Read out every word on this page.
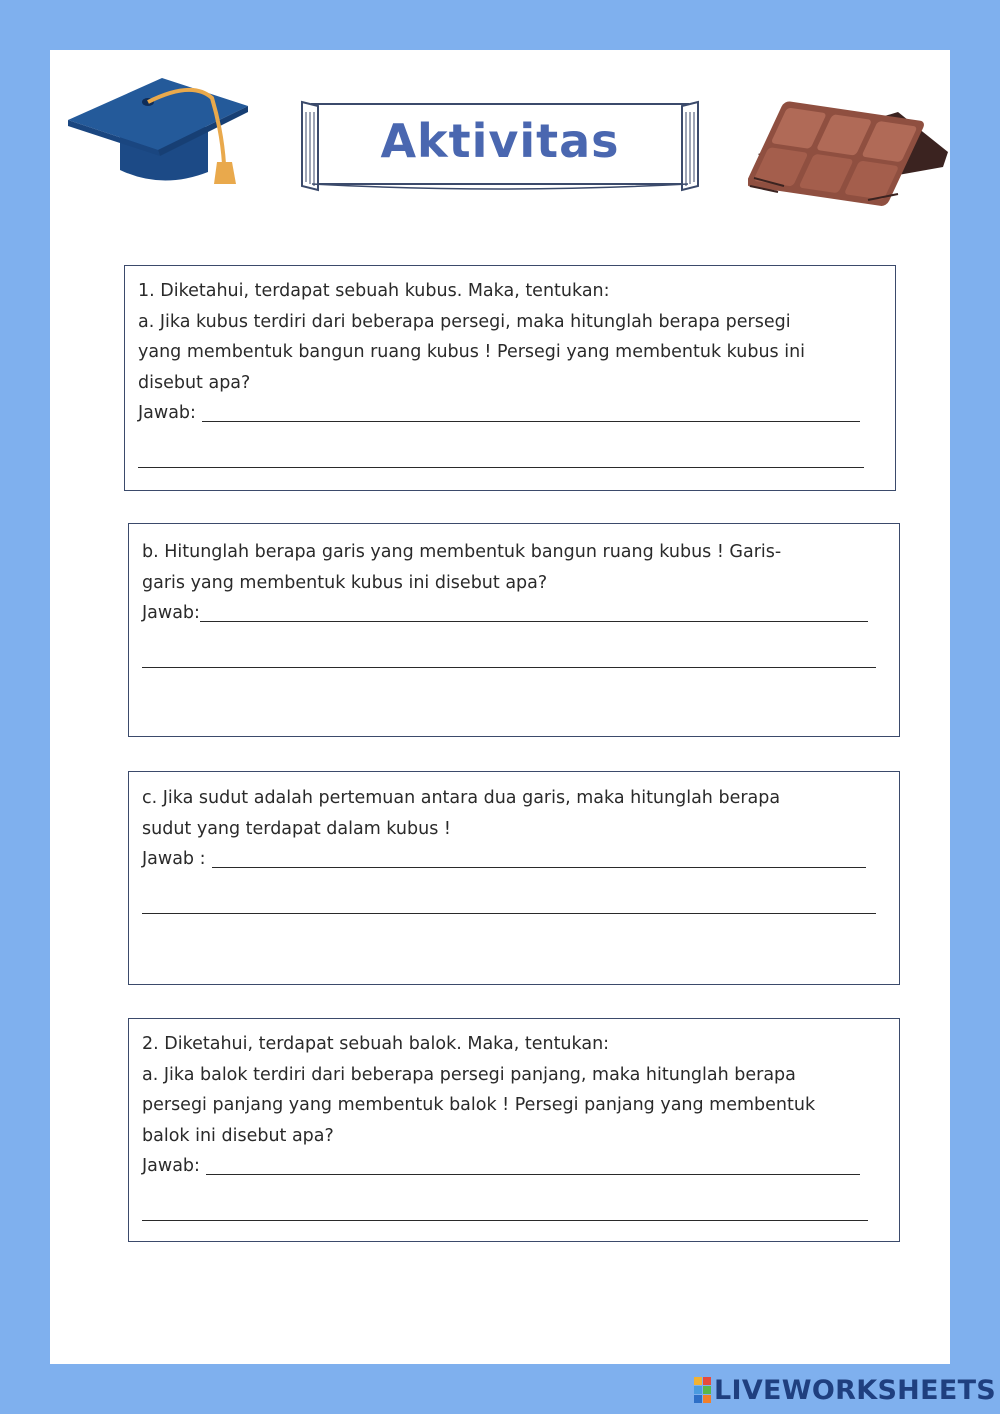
Aktivitas

1. Diketahui, terdapat sebuah kubus. Maka, tentukan:

a. Jika kubus terdiri dari beberapa persegi, maka hitunglah berapa persegi

yang membentuk bangun ruang kubus ! Persegi yang membentuk kubus ini

disebut apa?

Jawab:

b. Hitunglah berapa garis yang membentuk bangun ruang kubus ! Garis-

garis yang membentuk kubus ini disebut apa?

Jawab:

c. Jika sudut adalah pertemuan antara dua garis, maka hitunglah berapa

sudut yang terdapat dalam kubus !

Jawab :

2. Diketahui, terdapat sebuah balok. Maka, tentukan:

a. Jika balok terdiri dari beberapa persegi panjang, maka hitunglah berapa

persegi panjang yang membentuk balok ! Persegi panjang yang membentuk

balok ini disebut apa?

Jawab:
LIVEWORKSHEETS
